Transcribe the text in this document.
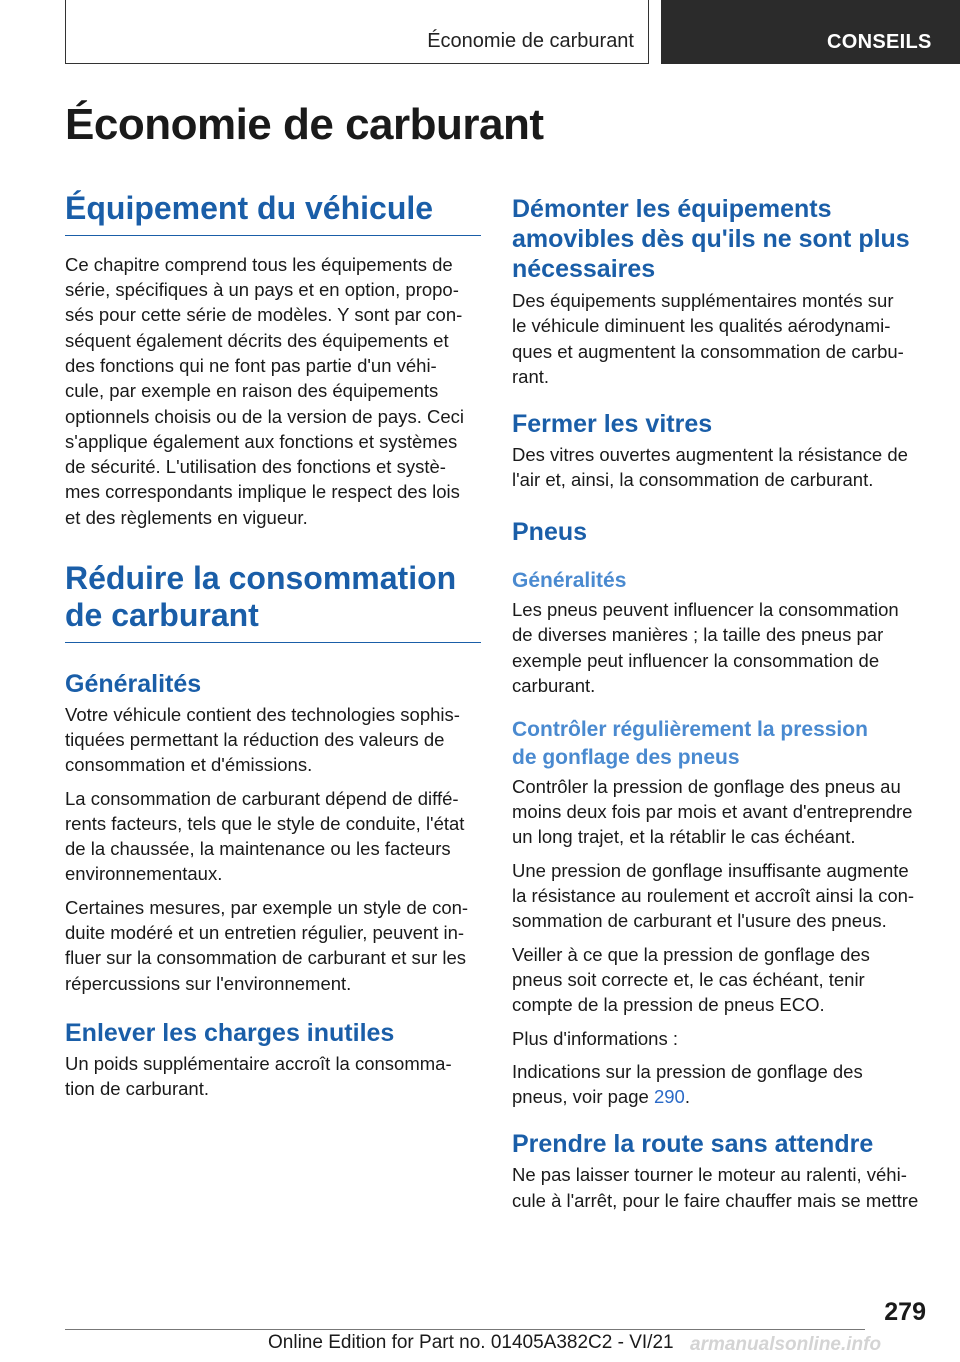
Économie de carburant	CONSEILS
Économie de carburant
Équipement du véhicule

Ce chapitre comprend tous les équipements de
série, spécifiques à un pays et en option, propo-
sés pour cette série de modèles. Y sont par con-
séquent également décrits des équipements et
des fonctions qui ne font pas partie d'un véhi-
cule, par exemple en raison des équipements
optionnels choisis ou de la version de pays. Ceci
s'applique également aux fonctions et systèmes
de sécurité. L'utilisation des fonctions et systè-
mes correspondants implique le respect des lois
et des règlements en vigueur.

Réduire la consommation
de carburant
Généralités

Votre véhicule contient des technologies sophis-
tiquées permettant la réduction des valeurs de
consommation et d'émissions.

La consommation de carburant dépend de diffé-
rents facteurs, tels que le style de conduite, l'état
de la chaussée, la maintenance ou les facteurs
environnementaux.

Certaines mesures, par exemple un style de con-
duite modéré et un entretien régulier, peuvent in-
fluer sur la consommation de carburant et sur les
répercussions sur l'environnement.

Enlever les charges inutiles

Un poids supplémentaire accroît la consomma-
tion de carburant.

Démonter les équipements
amovibles dès qu'ils ne sont plus
nécessaires

Des équipements supplémentaires montés sur
le véhicule diminuent les qualités aérodynami-
ques et augmentent la consommation de carbu-
rant.

Fermer les vitres

Des vitres ouvertes augmentent la résistance de
l'air et, ainsi, la consommation de carburant.

Pneus
Généralités

Les pneus peuvent influencer la consommation
de diverses manières ; la taille des pneus par
exemple peut influencer la consommation de
carburant.

Contrôler régulièrement la pression
de gonflage des pneus

Contrôler la pression de gonflage des pneus au
moins deux fois par mois et avant d'entreprendre
un long trajet, et la rétablir le cas échéant.

Une pression de gonflage insuffisante augmente
la résistance au roulement et accroît ainsi la con-
sommation de carburant et l'usure des pneus.

Veiller à ce que la pression de gonflage des
pneus soit correcte et, le cas échéant, tenir
compte de la pression de pneus ECO.

Plus d'informations :

Indications sur la pression de gonflage des
pneus, voir page 290.

Prendre la route sans attendre

Ne pas laisser tourner le moteur au ralenti, véhi-
cule à l'arrêt, pour le faire chauffer mais se mettre

279
Online Edition for Part no. 01405A382C2 - VI/21 armanualsonline.info
